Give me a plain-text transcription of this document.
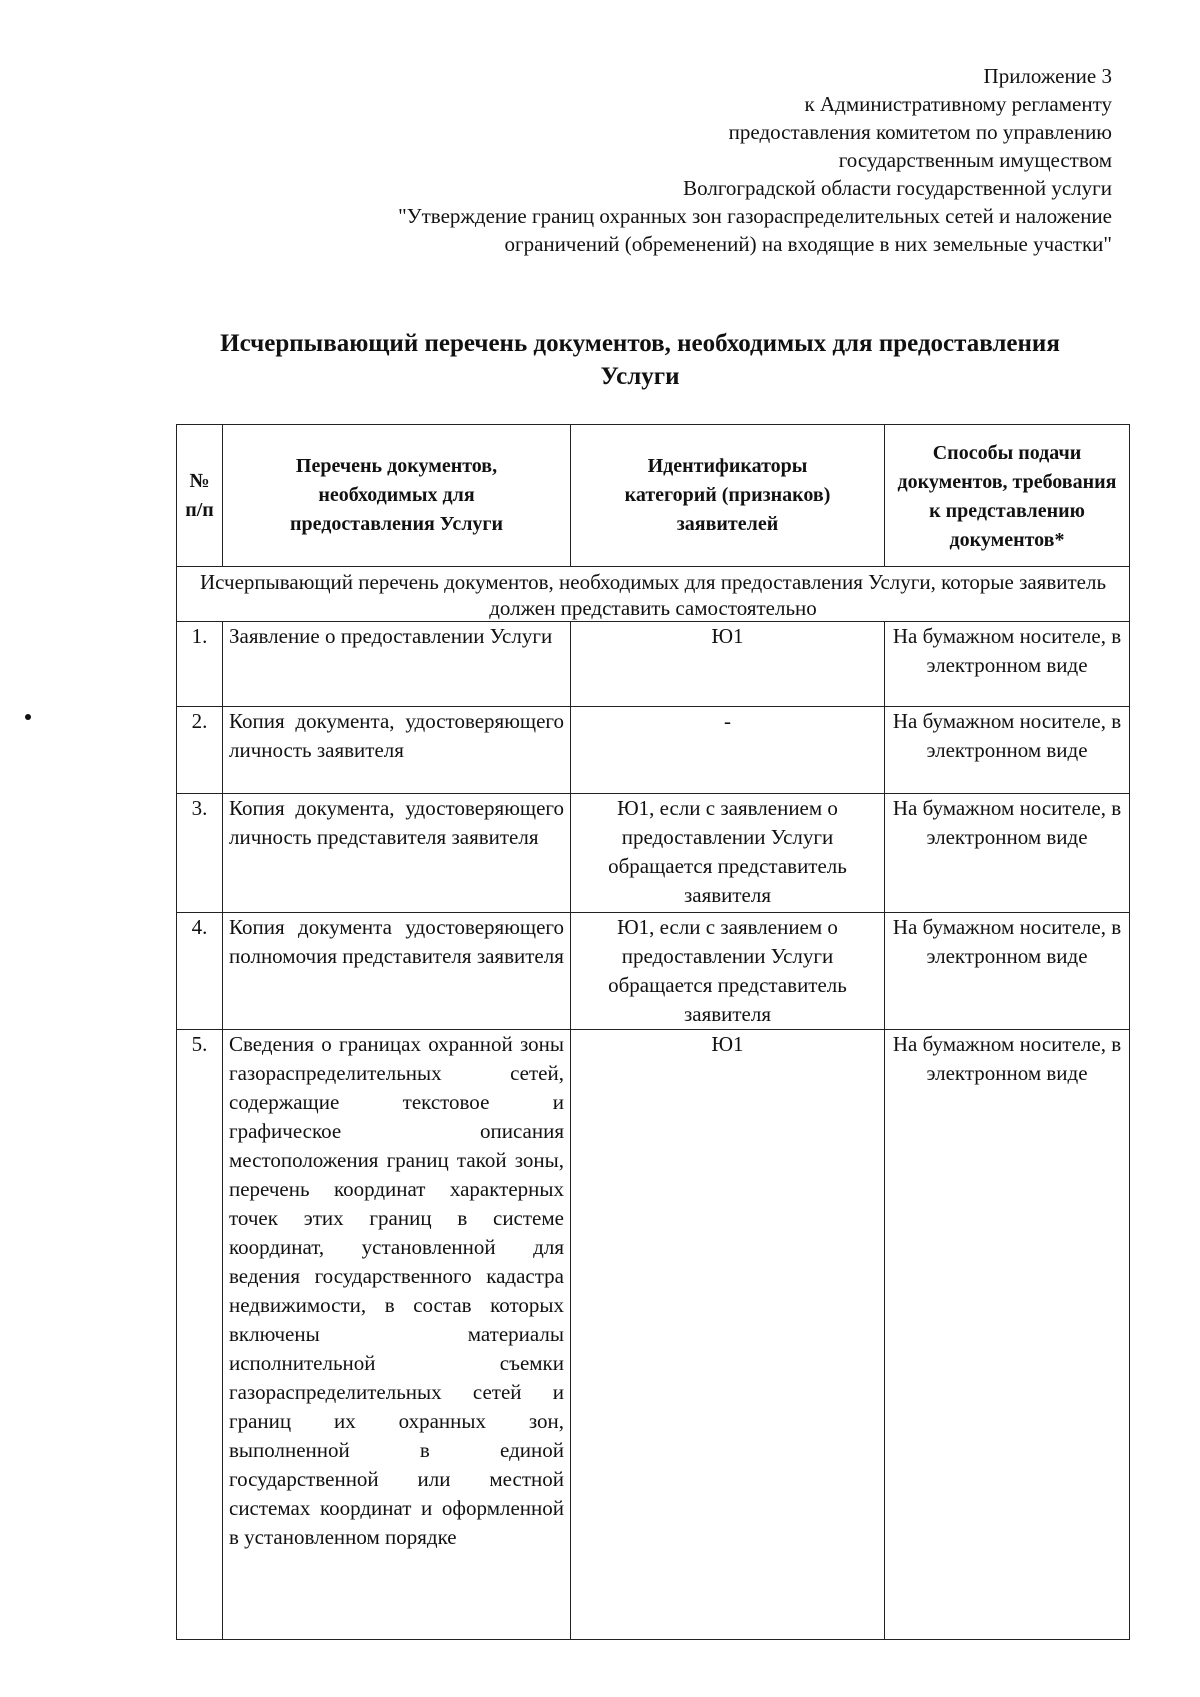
Приложение 3
к Административному регламенту
предоставления комитетом по управлению
государственным имуществом
Волгоградской области государственной услуги
"Утверждение границ охранных зон газораспределительных сетей и наложение
ограничений (обременений) на входящие в них земельные участки"
Исчерпывающий перечень документов, необходимых для предоставления
Услуги
№ п/п	Перечень документов, необходимых для предоставления Услуги	Идентификаторы категорий (признаков) заявителей	Способы подачи документов, требования к представлению документов*
Исчерпывающий перечень документов, необходимых для предоставления Услуги, которые заявитель должен представить самостоятельно			
1.	Заявление о предоставлении Услуги	Ю1	На бумажном носителе, в электронном виде
2.	Копия документа, удостоверяющего личность заявителя	-	На бумажном носителе, в электронном виде
3.	Копия документа, удостоверяющего личность представителя заявителя	Ю1, если с заявлением о предоставлении Услуги обращается представитель заявителя	На бумажном носителе, в электронном виде
4.	Копия документа удостоверяющего полномочия представителя заявителя	Ю1, если с заявлением о предоставлении Услуги обращается представитель заявителя	На бумажном носителе, в электронном виде
5.	Сведения о границах охранной зоны газораспределительных сетей, содержащие текстовое и графическое описания местоположения границ такой зоны, перечень координат характерных точек этих границ в системе координат, установленной для ведения государственного кадастра недвижимости, в состав которых включены материалы исполнительной съемки газораспределительных сетей и границ их охранных зон, выполненной в единой государственной или местной системах координат и оформленной в установленном порядке	Ю1	На бумажном носителе, в электронном виде
